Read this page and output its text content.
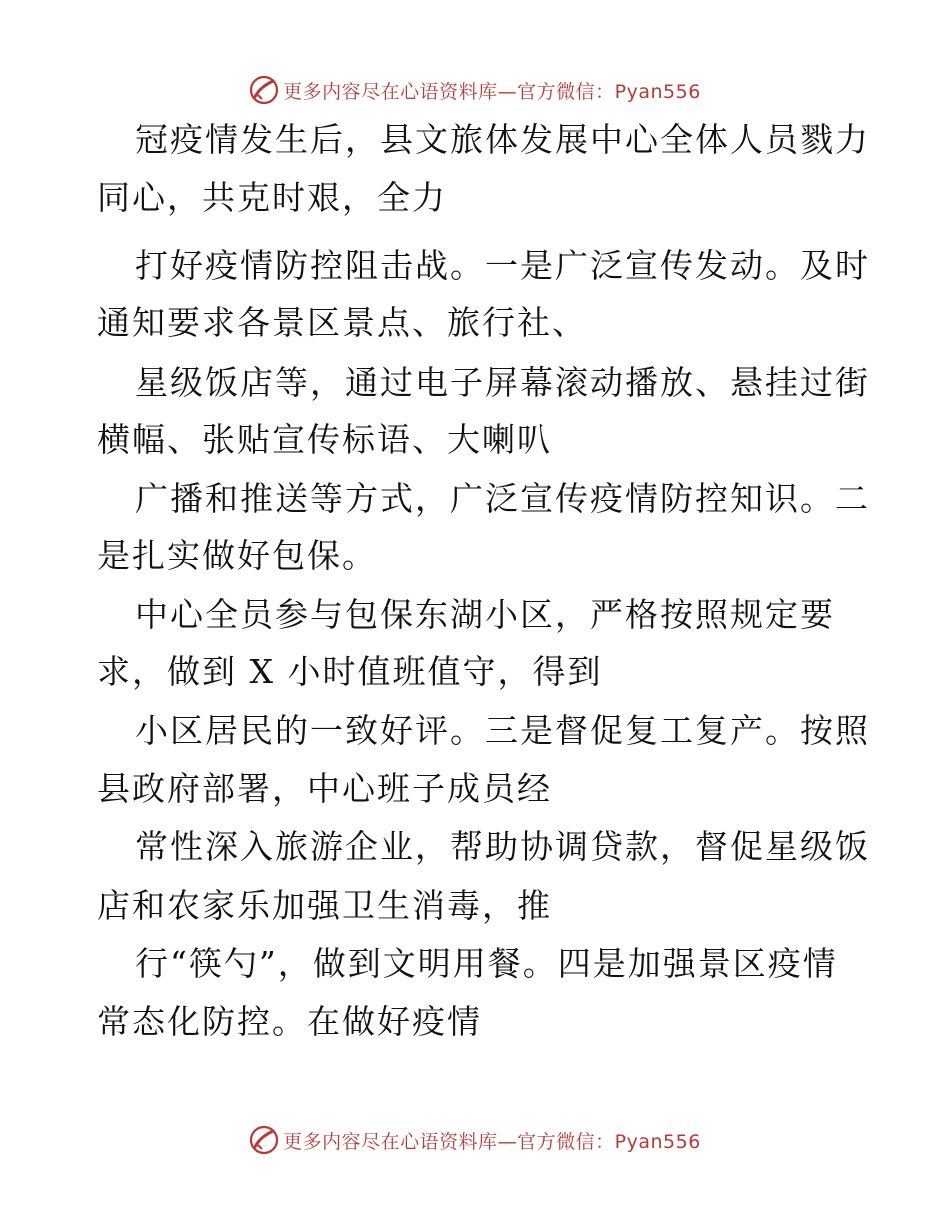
更多内容尽在心语资料库—官方微信：Pyan556
冠疫情发生后，县文旅体发展中心全体人员戮力
同心，共克时艰，全力
打好疫情防控阻击战。一是广泛宣传发动。及时
通知要求各景区景点、旅行社、
星级饭店等，通过电子屏幕滚动播放、悬挂过街
横幅、张贴宣传标语、大喇叭
广播和推送等方式，广泛宣传疫情防控知识。二
是扎实做好包保。
中心全员参与包保东湖小区，严格按照规定要
求，做到 X 小时值班值守，得到
小区居民的一致好评。三是督促复工复产。按照
县政府部署，中心班子成员经
常性深入旅游企业，帮助协调贷款，督促星级饭
店和农家乐加强卫生消毒，推
行“筷勺”，做到文明用餐。四是加强景区疫情
常态化防控。在做好疫情
更多内容尽在心语资料库—官方微信：Pyan556
